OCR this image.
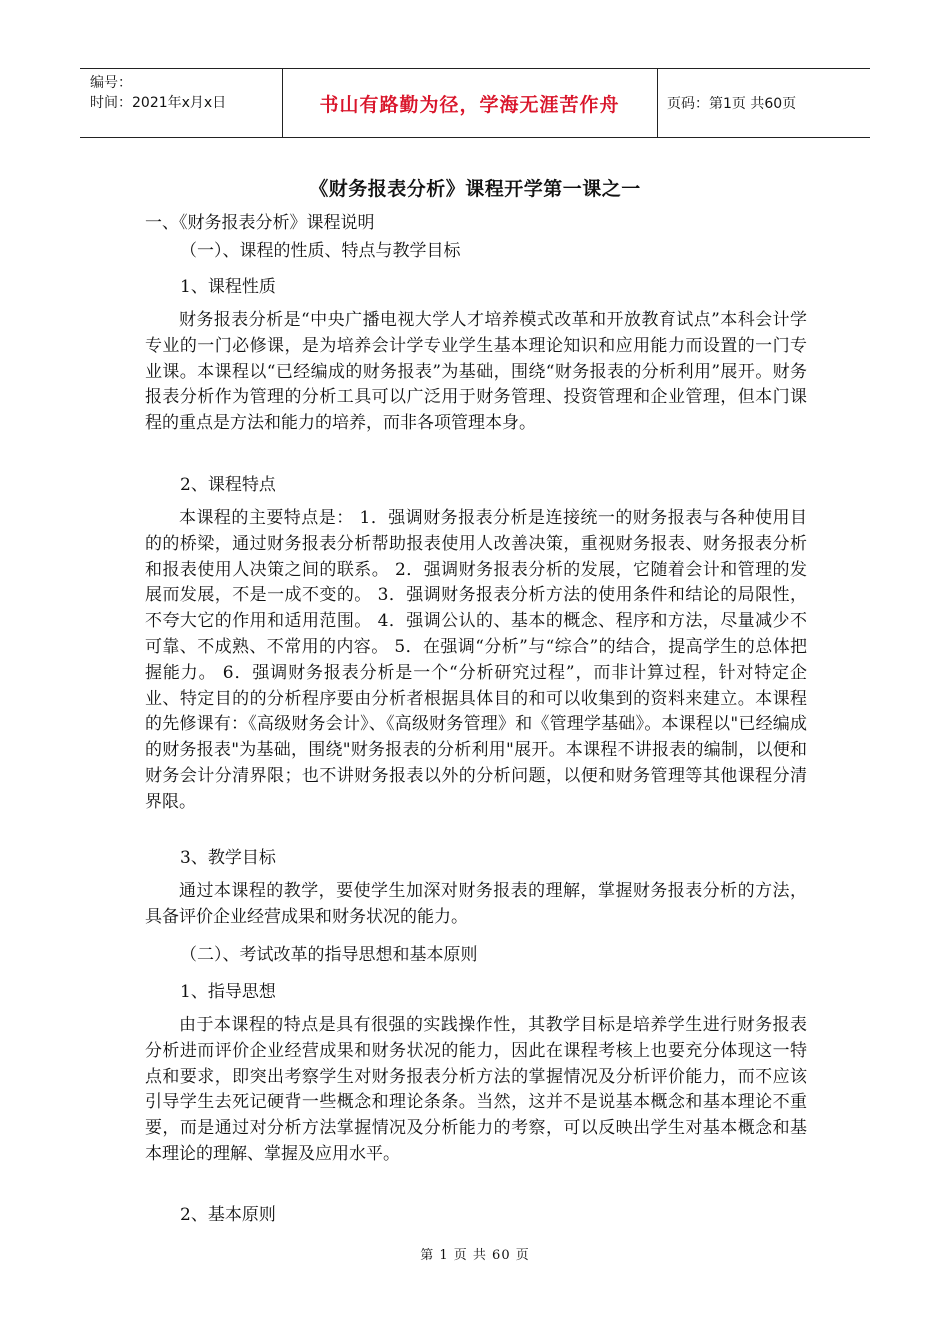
编号：
时间：2021年x月x日	书山有路勤为径，学海无涯苦作舟	页码：第1页 共60页
《财务报表分析》课程开学第一课之一
一、《财务报表分析》课程说明
（一）、课程的性质、特点与教学目标
1、课程性质
财务报表分析是“中央广播电视大学人才培养模式改革和开放教育试点”本科会计学专业的一门必修课，是为培养会计学专业学生基本理论知识和应用能力而设置的一门专业课。本课程以“已经编成的财务报表”为基础，围绕“财务报表的分析利用”展开。财务报表分析作为管理的分析工具可以广泛用于财务管理、投资管理和企业管理，但本门课程的重点是方法和能力的培养，而非各项管理本身。
2、课程特点
本课程的主要特点是： 1．强调财务报表分析是连接统一的财务报表与各种使用目的的桥梁，通过财务报表分析帮助报表使用人改善决策，重视财务报表、财务报表分析和报表使用人决策之间的联系。 2．强调财务报表分析的发展，它随着会计和管理的发展而发展，不是一成不变的。 3．强调财务报表分析方法的使用条件和结论的局限性，不夸大它的作用和适用范围。 4．强调公认的、基本的概念、程序和方法，尽量减少不可靠、不成熟、不常用的内容。 5．在强调“分析”与“综合”的结合，提高学生的总体把握能力。 6．强调财务报表分析是一个“分析研究过程”，而非计算过程，针对特定企业、特定目的的分析程序要由分析者根据具体目的和可以收集到的资料来建立。本课程的先修课有：《高级财务会计》、《高级财务管理》和《管理学基础》。本课程以"已经编成的财务报表"为基础，围绕"财务报表的分析利用"展开。本课程不讲报表的编制，以便和财务会计分清界限；也不讲财务报表以外的分析问题，以便和财务管理等其他课程分清界限。
3、教学目标
通过本课程的教学，要使学生加深对财务报表的理解，掌握财务报表分析的方法，具备评价企业经营成果和财务状况的能力。
（二）、考试改革的指导思想和基本原则
1、指导思想
由于本课程的特点是具有很强的实践操作性，其教学目标是培养学生进行财务报表分析进而评价企业经营成果和财务状况的能力，因此在课程考核上也要充分体现这一特点和要求，即突出考察学生对财务报表分析方法的掌握情况及分析评价能力，而不应该引导学生去死记硬背一些概念和理论条条。当然，这并不是说基本概念和基本理论不重要，而是通过对分析方法掌握情况及分析能力的考察，可以反映出学生对基本概念和基本理论的理解、掌握及应用水平。
2、基本原则
第 1 页 共 60 页
